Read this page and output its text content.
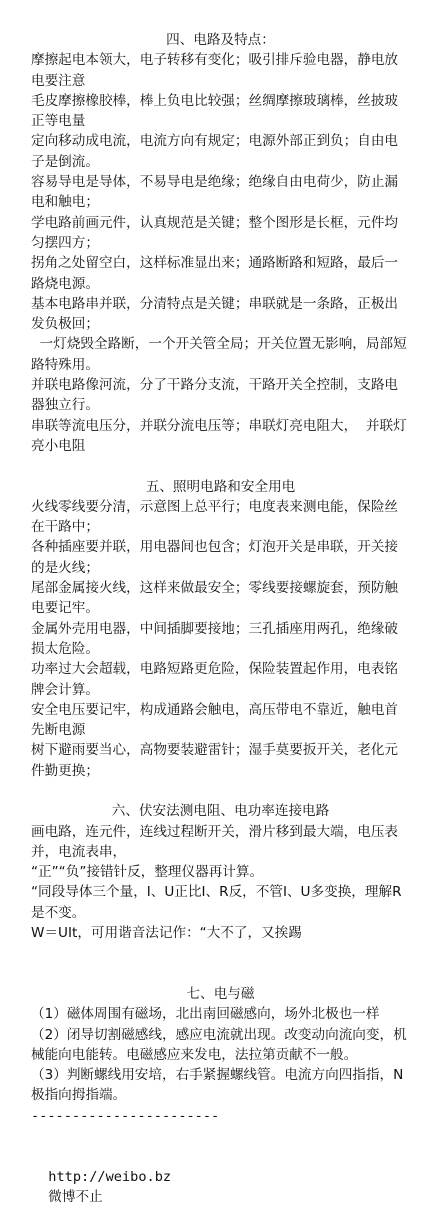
四、电路及特点：
摩擦起电本领大，电子转移有变化；吸引排斥验电器，静电放电要注意
毛皮摩擦橡胶棒，棒上负电比较强；丝绸摩擦玻璃棒，丝披玻正等电量
定向移动成电流，电流方向有规定；电源外部正到负；自由电子是倒流。
容易导电是导体，不易导电是绝缘；绝缘自由电荷少，防止漏电和触电；
学电路前画元件，认真规范是关键；整个图形是长框，元件均匀摆四方；
拐角之处留空白，这样标准显出来；通路断路和短路，最后一路烧电源。
基本电路串并联，分清特点是关键；串联就是一条路，正极出发负极回；
一灯烧毁全路断，一个开关管全局；开关位置无影响，局部短路特殊用。
并联电路像河流，分了干路分支流，干路开关全控制，支路电器独立行。
串联等流电压分，并联分流电压等；串联灯亮电阻大，  并联灯亮小电阻
五、照明电路和安全用电
火线零线要分清，示意图上总平行；电度表来测电能，保险丝在干路中；
各种插座要并联，用电器间也包含；灯泡开关是串联，开关接的是火线；
尾部金属接火线，这样来做最安全；零线要接螺旋套，预防触电要记牢。
金属外壳用电器，中间插脚要接地；三孔插座用两孔，绝缘破损太危险。
功率过大会超载，电路短路更危险，保险装置起作用，电表铭牌会计算。
安全电压要记牢，构成通路会触电，高压带电不靠近，触电首先断电源
树下避雨要当心，高物要装避雷针；湿手莫要扳开关，老化元件勤更换；
六、伏安法测电阻、电功率连接电路
画电路，连元件，连线过程断开关，滑片移到最大端，电压表并，电流表串，
“正”“负”接错针反，整理仪器再计算。
“同段导体三个量，I、U正比I、R反，不管I、U多变换，理解R是不变。
W＝UIt，可用谐音法记作：“大不了，又挨踢
七、电与磁
（1）磁体周围有磁场，北出南回磁感向，场外北极也一样
（2）闭导切割磁感线，感应电流就出现。改变动向流向变，机械能向电能转。电磁感应来发电，法拉第贡献不一般。
（3）判断螺线用安培，右手紧握螺线管。电流方向四指指，N极指向拇指端。
-----------------------

http://weibo.bz
微博不止
